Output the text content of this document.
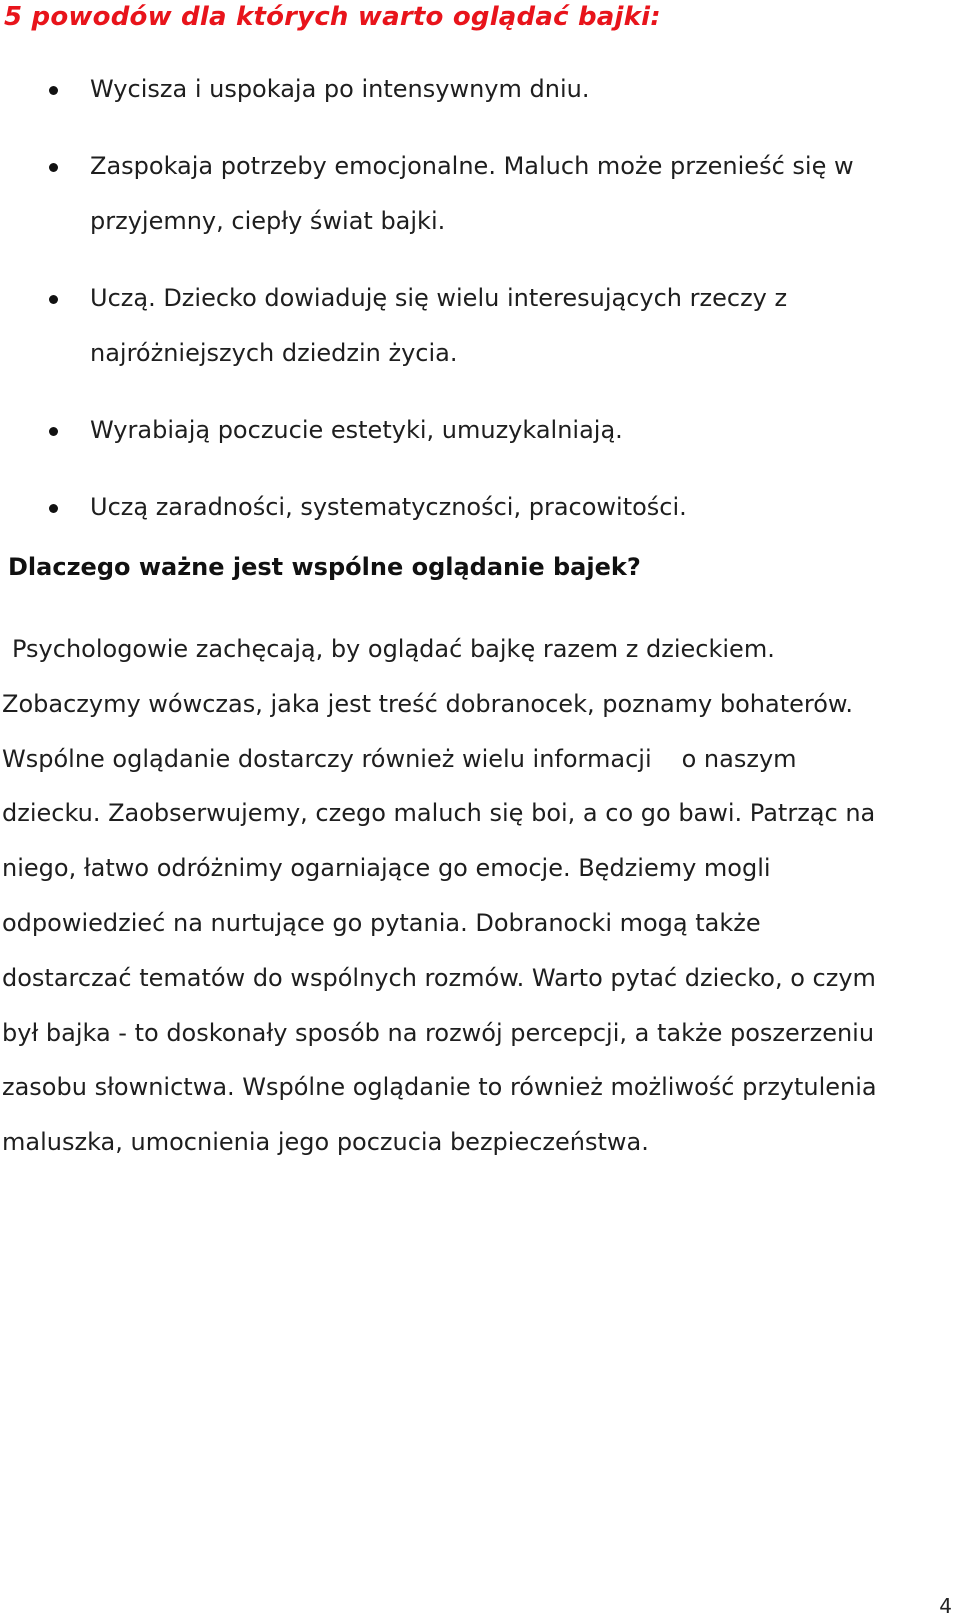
5 powodów dla których warto oglądać bajki:
Wycisza i uspokaja po intensywnym dniu.
Zaspokaja potrzeby emocjonalne. Maluch może przenieść się w przyjemny, ciepły świat bajki.
Uczą. Dziecko dowiaduję się wielu interesujących rzeczy z najróżniejszych dziedzin życia.
Wyrabiają poczucie estetyki, umuzykalniają.
Uczą zaradności, systematyczności, pracowitości.
Dlaczego ważne jest wspólne oglądanie bajek?

Psychologowie zachęcają, by oglądać bajkę razem z dzieckiem. Zobaczymy wówczas, jaka jest treść dobranocek, poznamy bohaterów. Wspólne oglądanie dostarczy również wielu informacji o naszym dziecku. Zaobserwujemy, czego maluch się boi, a co go bawi. Patrząc na niego, łatwo odróżnimy ogarniające go emocje. Będziemy mogli odpowiedzieć na nurtujące go pytania. Dobranocki mogą także dostarczać tematów do wspólnych rozmów. Warto pytać dziecko, o czym był bajka - to doskonały sposób na rozwój percepcji, a także poszerzeniu zasobu słownictwa. Wspólne oglądanie to również możliwość przytulenia maluszka, umocnienia jego poczucia bezpieczeństwa.

4
